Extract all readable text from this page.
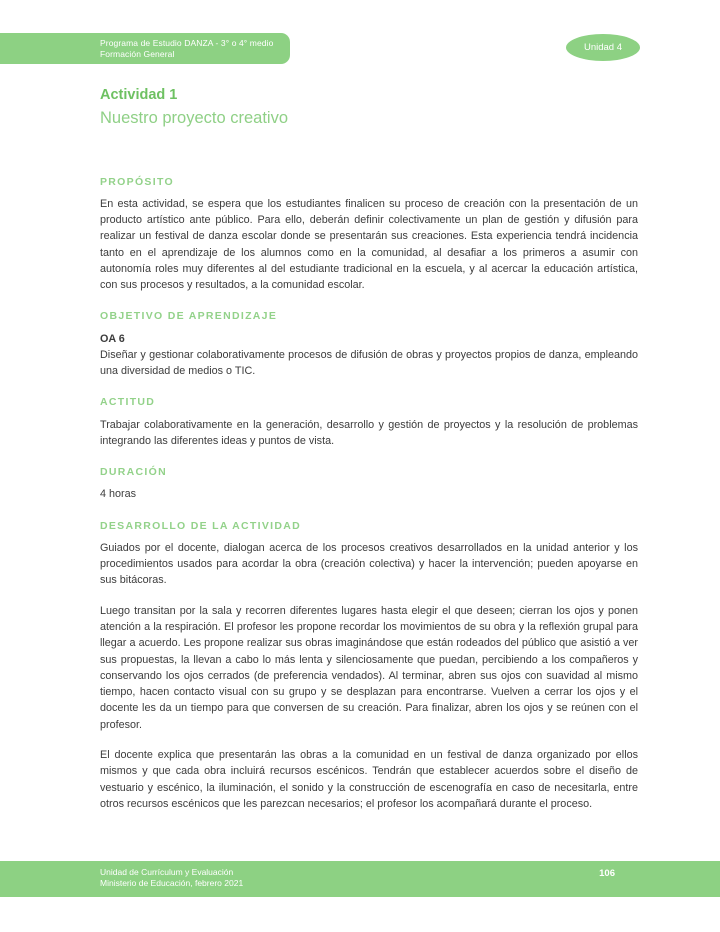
Programa de Estudio DANZA - 3° o 4° medio
Formación General
Unidad 4
Actividad 1
Nuestro proyecto creativo
PROPÓSITO

En esta actividad, se espera que los estudiantes finalicen su proceso de creación con la presentación de un producto artístico ante público. Para ello, deberán definir colectivamente un plan de gestión y difusión para realizar un festival de danza escolar donde se presentarán sus creaciones. Esta experiencia tendrá incidencia tanto en el aprendizaje de los alumnos como en la comunidad, al desafiar a los primeros a asumir con autonomía roles muy diferentes al del estudiante tradicional en la escuela, y al acercar la educación artística, con sus procesos y resultados, a la comunidad escolar.

OBJETIVO DE APRENDIZAJE

OA 6

Diseñar y gestionar colaborativamente procesos de difusión de obras y proyectos propios de danza, empleando una diversidad de medios o TIC.

ACTITUD

Trabajar colaborativamente en la generación, desarrollo y gestión de proyectos y la resolución de problemas integrando las diferentes ideas y puntos de vista.

DURACIÓN

4 horas

DESARROLLO DE LA ACTIVIDAD

Guiados por el docente, dialogan acerca de los procesos creativos desarrollados en la unidad anterior y los procedimientos usados para acordar la obra (creación colectiva) y hacer la intervención; pueden apoyarse en sus bitácoras.

Luego transitan por la sala y recorren diferentes lugares hasta elegir el que deseen; cierran los ojos y ponen atención a la respiración. El profesor les propone recordar los movimientos de su obra y la reflexión grupal para llegar a acuerdo. Les propone realizar sus obras imaginándose que están rodeados del público que asistió a ver sus propuestas, la llevan a cabo lo más lenta y silenciosamente que puedan, percibiendo a los compañeros y conservando los ojos cerrados (de preferencia vendados). Al terminar, abren sus ojos con suavidad al mismo tiempo, hacen contacto visual con su grupo y se desplazan para encontrarse. Vuelven a cerrar los ojos y el docente les da un tiempo para que conversen de su creación. Para finalizar, abren los ojos y se reúnen con el profesor.

El docente explica que presentarán las obras a la comunidad en un festival de danza organizado por ellos mismos y que cada obra incluirá recursos escénicos. Tendrán que establecer acuerdos sobre el diseño de vestuario y escénico, la iluminación, el sonido y la construcción de escenografía en caso de necesitarla, entre otros recursos escénicos que les parezcan necesarios; el profesor los acompañará durante el proceso.

Unidad de Currículum y Evaluación
Ministerio de Educación, febrero 2021
106
